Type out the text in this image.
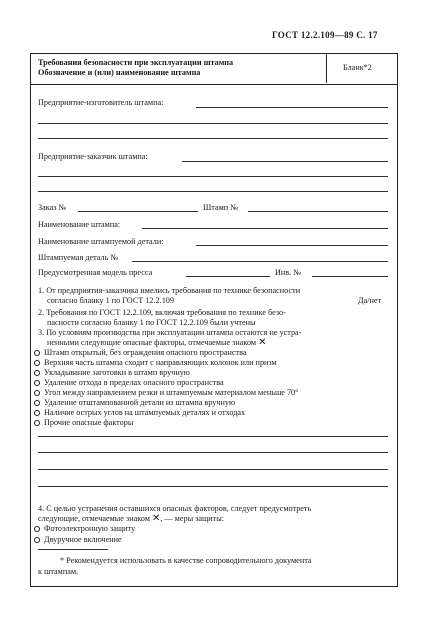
ГОСТ 12.2.109—89 С. 17
Требования безопасности при эксплуатации штампа
Обозначение и (или) наименование штампа
Бланк*2
Предприятие-изготовитель штампа:
Предприятие-заказчик штампа:
Заказ №	Штамп №
Наименование штампа:
Наименование штампуемой детали:
Штампуемая деталь №
Предусмотренная модель пресса	Инв. №
1. От предприятия-заказчика имелись требования по технике безопасности
согласно бланку 1 по ГОСТ 12.2.109	Да/нет
2. Требования по ГОСТ 12.2.109, включая требования по технике безо-
пасности согласно бланку 1 по ГОСТ 12.2.109 были учтены
3. По условиям производства при эксплуатации штампа остаются не устра-
ненными следующие опасные факторы, отмечаемые знаком ✕
Штамп открытый, без ограждения опасного пространства
Верхняя часть штампа сходит с направляющих колонок или призм
Укладывание заготовки в штамп вручную
Удаление отхода в пределах опасного пространства
Угол между направлением резки и штампуемым материалом меньше 70°
Удаление отштампованной детали из штампа вручную
Наличие острых углов на штампуемых деталях и отходах
Прочие опасные факторы
4. С целью устранения оставшихся опасных факторов, следует предусмотреть
следующие, отмечаемые знаком ✕, — меры защиты:
Фотоэлектронную защиту
Двуручное включение
* Рекомендуется использовать в качестве сопроводительного документа
к штампам.
